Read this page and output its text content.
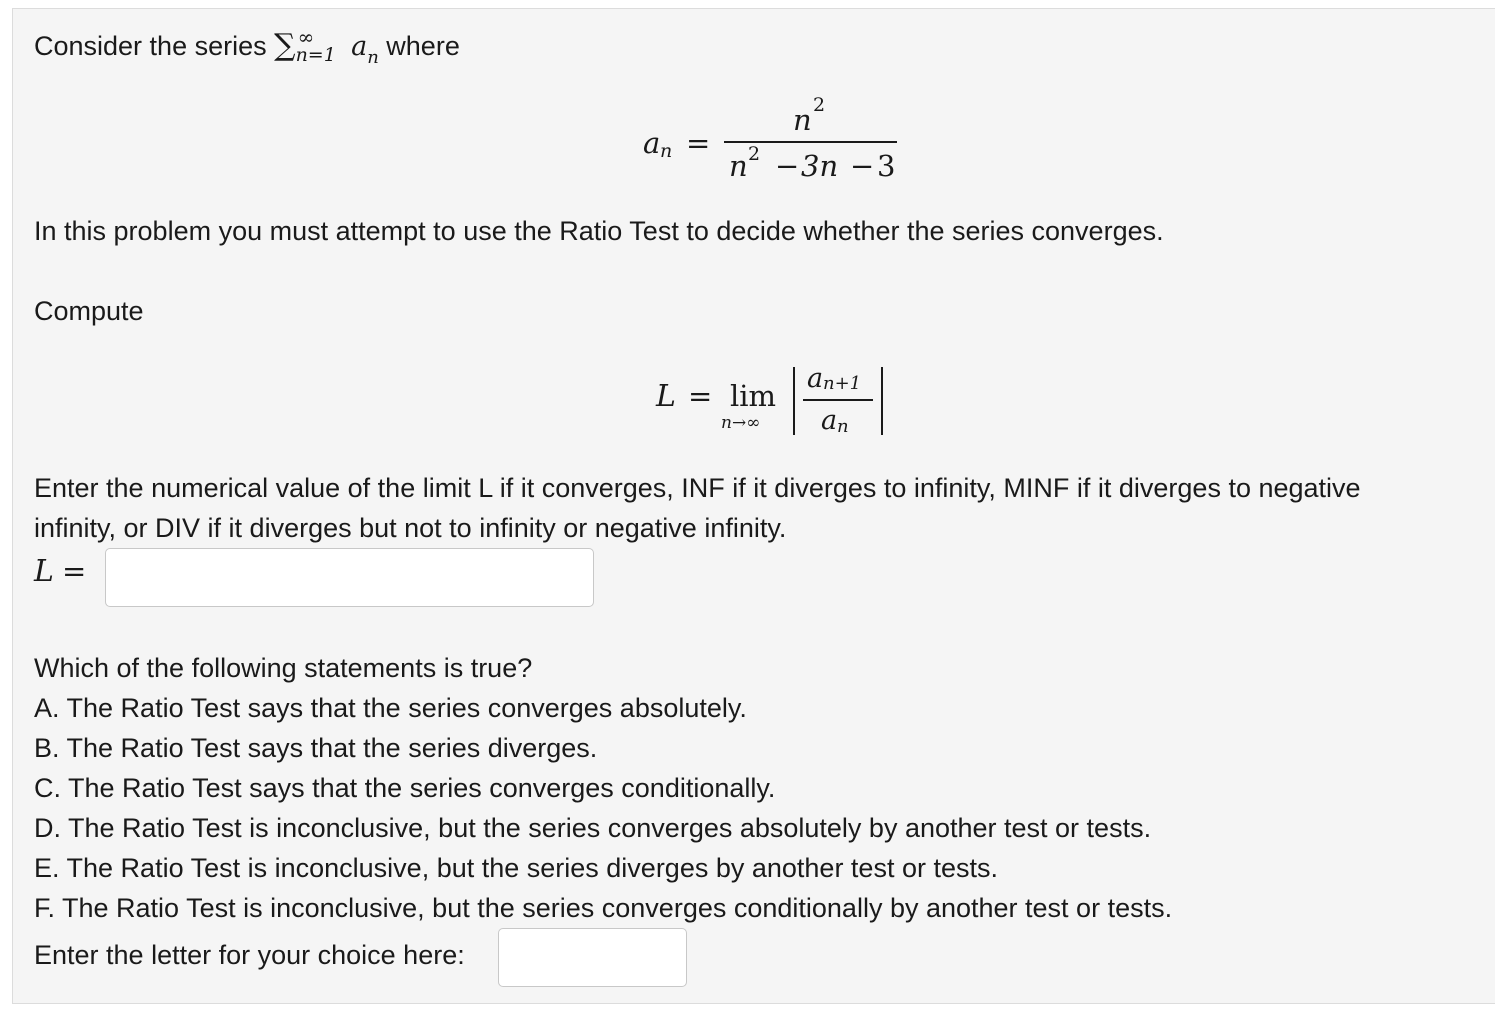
Consider the series ∑ ∞
n=1 $a_n$ where
a n =
n 2
n 2 − 3n − 3
In this problem you must attempt to use the Ratio Test to decide whether the series converges.
Compute
L = lim
n→∞
a n+1
a n
Enter the numerical value of the limit L if it converges, INF if it diverges to infinity, MINF if it diverges to negative
infinity, or DIV if it diverges but not to infinity or negative infinity.
L =
Which of the following statements is true?
A. The Ratio Test says that the series converges absolutely.
B. The Ratio Test says that the series diverges.
C. The Ratio Test says that the series converges conditionally.
D. The Ratio Test is inconclusive, but the series converges absolutely by another test or tests.
E. The Ratio Test is inconclusive, but the series diverges by another test or tests.
F. The Ratio Test is inconclusive, but the series converges conditionally by another test or tests.
Enter the letter for your choice here:
